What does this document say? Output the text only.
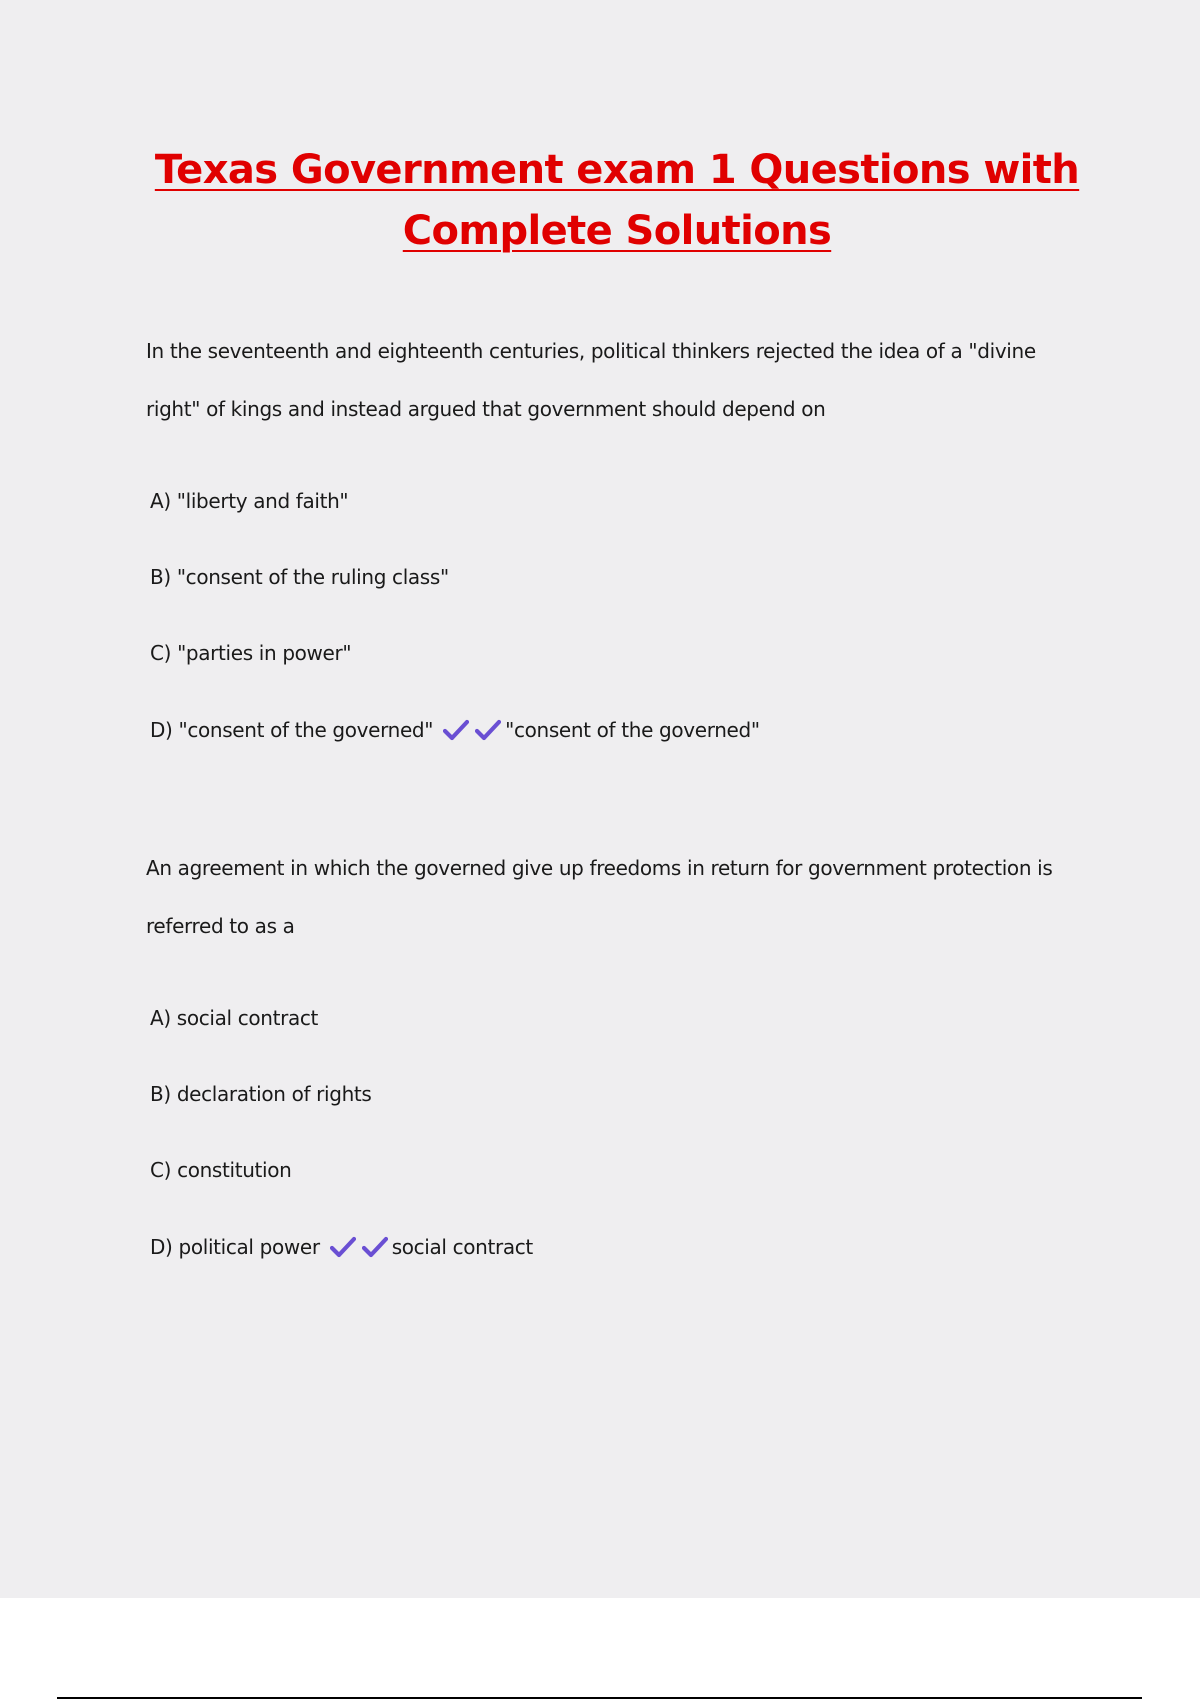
Texas Government exam 1 Questions with Complete Solutions

In the seventeenth and eighteenth centuries, political thinkers rejected the idea of a "divine right" of kings and instead argued that government should depend on

A) "liberty and faith"
B) "consent of the ruling class"
C) "parties in power"
D) "consent of the governed"	"consent of the governed"

An agreement in which the governed give up freedoms in return for government protection is referred to as a

A) social contract
B) declaration of rights
C) constitution
D) political power	social contract
